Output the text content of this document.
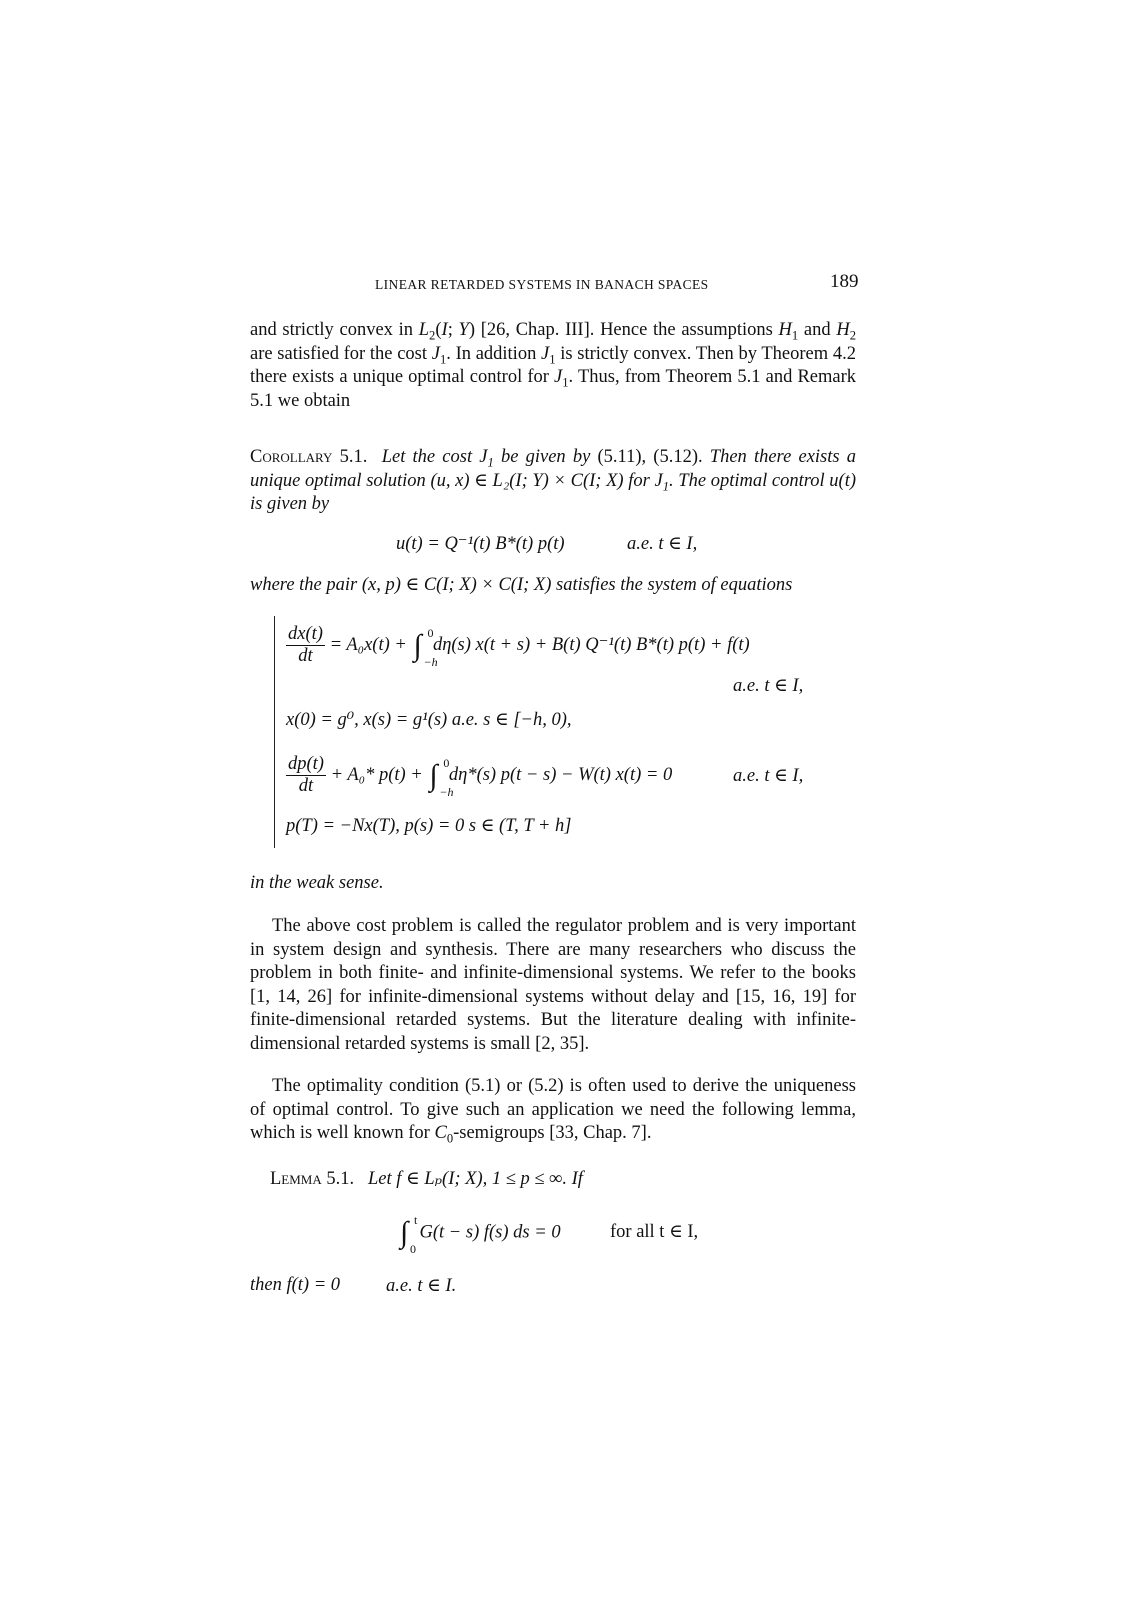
LINEAR RETARDED SYSTEMS IN BANACH SPACES	189

and strictly convex in $L_2(I$; Y) [26, Chap. III]. Hence the assumptions $H_1$ and $H_2$ are satisfied for the cost $J_1$. In addition $J_1$ is strictly convex. Then by Theorem 4.2 there exists a unique optimal control for $J_1$. Thus, from Theorem 5.1 and Remark 5.1 we obtain

Corollary 5.1. Let the cost $J_1$ be given by (5.11), (5.12). Then there exists a unique optimal solution (u, x) ∈ L₂(I; Y) × C(I; X) for $J_1$. The optimal control u(t) is given by

u(t) = Q⁻¹(t) B*(t) p(t)	a.e. t ∈ I,
where the pair (x, p) ∈ C(I; X) × C(I; X) satisfies the system of equations
$\frac{dx(t)}{dt} = A_0x(t)$ + ∫ 0
−h
dη(s) x(t + s) + B(t) Q⁻¹(t) B*(t) p(t) + f(t)
a.e. t ∈ I,
x(0) = g⁰, x(s) = g¹(s) a.e. s ∈ [−h, 0),
$\frac{dp(t)}{dt} + A_0*$ p(t) + ∫ 0
−h
dη*(s) p(t − s) − W(t) x(t) = 0	a.e. t ∈ I,
p(T) = −Nx(T), p(s) = 0 s ∈ (T, T + h]
in the weak sense.

The above cost problem is called the regulator problem and is very important in system design and synthesis. There are many researchers who discuss the problem in both finite- and infinite-dimensional systems. We refer to the books [1, 14, 26] for infinite-dimensional systems without delay and [15, 16, 19] for finite-dimensional retarded systems. But the literature dealing with infinite-dimensional retarded systems is small [2, 35].

The optimality condition (5.1) or (5.2) is often used to derive the uniqueness of optimal control. To give such an application we need the following lemma, which is well known for $C_0$-semigroups [33, Chap. 7].

Lemma 5.1. Let f ∈ Lₚ(I; X), 1 ≤ p ≤ ∞. If
∫ t
0
G(t − s) f(s) ds = 0	for all t ∈ I,
then f(t) = 0 a.e. t ∈ I.
